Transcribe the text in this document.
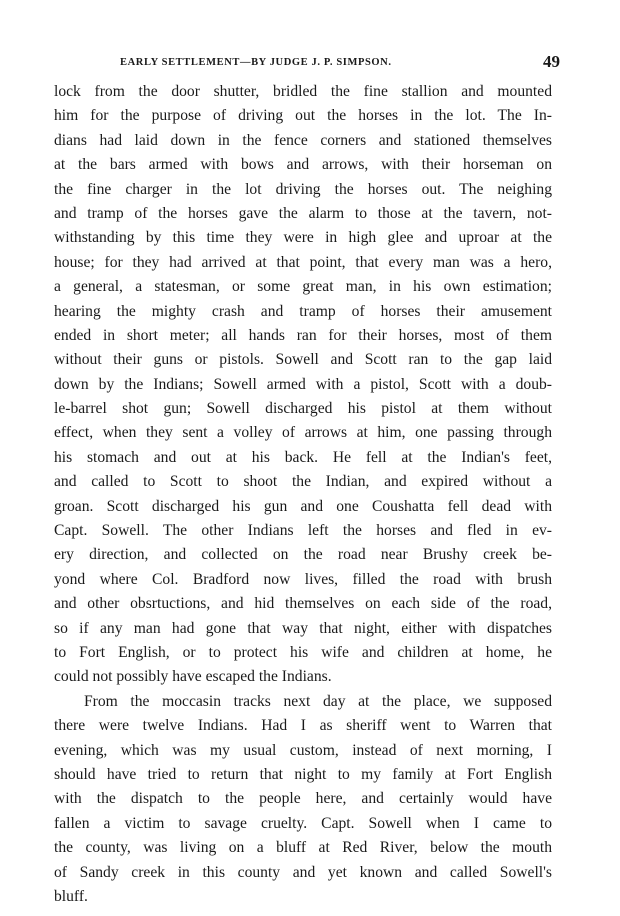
EARLY SETTLEMENT—BY JUDGE J. P. SIMPSON.	49
lock from the door shutter, bridled the fine stallion and mounted
him for the purpose of driving out the horses in the lot. The In-
dians had laid down in the fence corners and stationed themselves
at the bars armed with bows and arrows, with their horseman on
the fine charger in the lot driving the horses out. The neighing
and tramp of the horses gave the alarm to those at the tavern, not-
withstanding by this time they were in high glee and uproar at the
house; for they had arrived at that point, that every man was a hero,
a general, a statesman, or some great man, in his own estimation;
hearing the mighty crash and tramp of horses their amusement
ended in short meter; all hands ran for their horses, most of them
without their guns or pistols. Sowell and Scott ran to the gap laid
down by the Indians; Sowell armed with a pistol, Scott with a doub-
le-barrel shot gun; Sowell discharged his pistol at them without
effect, when they sent a volley of arrows at him, one passing through
his stomach and out at his back. He fell at the Indian's feet,
and called to Scott to shoot the Indian, and expired without a
groan. Scott discharged his gun and one Coushatta fell dead with
Capt. Sowell. The other Indians left the horses and fled in ev-
ery direction, and collected on the road near Brushy creek be-
yond where Col. Bradford now lives, filled the road with brush
and other obsrtuctions, and hid themselves on each side of the road,
so if any man had gone that way that night, either with dispatches
to Fort English, or to protect his wife and children at home, he
could not possibly have escaped the Indians.
From the moccasin tracks next day at the place, we supposed
there were twelve Indians. Had I as sheriff went to Warren that
evening, which was my usual custom, instead of next morning, I
should have tried to return that night to my family at Fort English
with the dispatch to the people here, and certainly would have
fallen a victim to savage cruelty. Capt. Sowell when I came to
the county, was living on a bluff at Red River, below the mouth
of Sandy creek in this county and yet known and called Sowell's
bluff.
